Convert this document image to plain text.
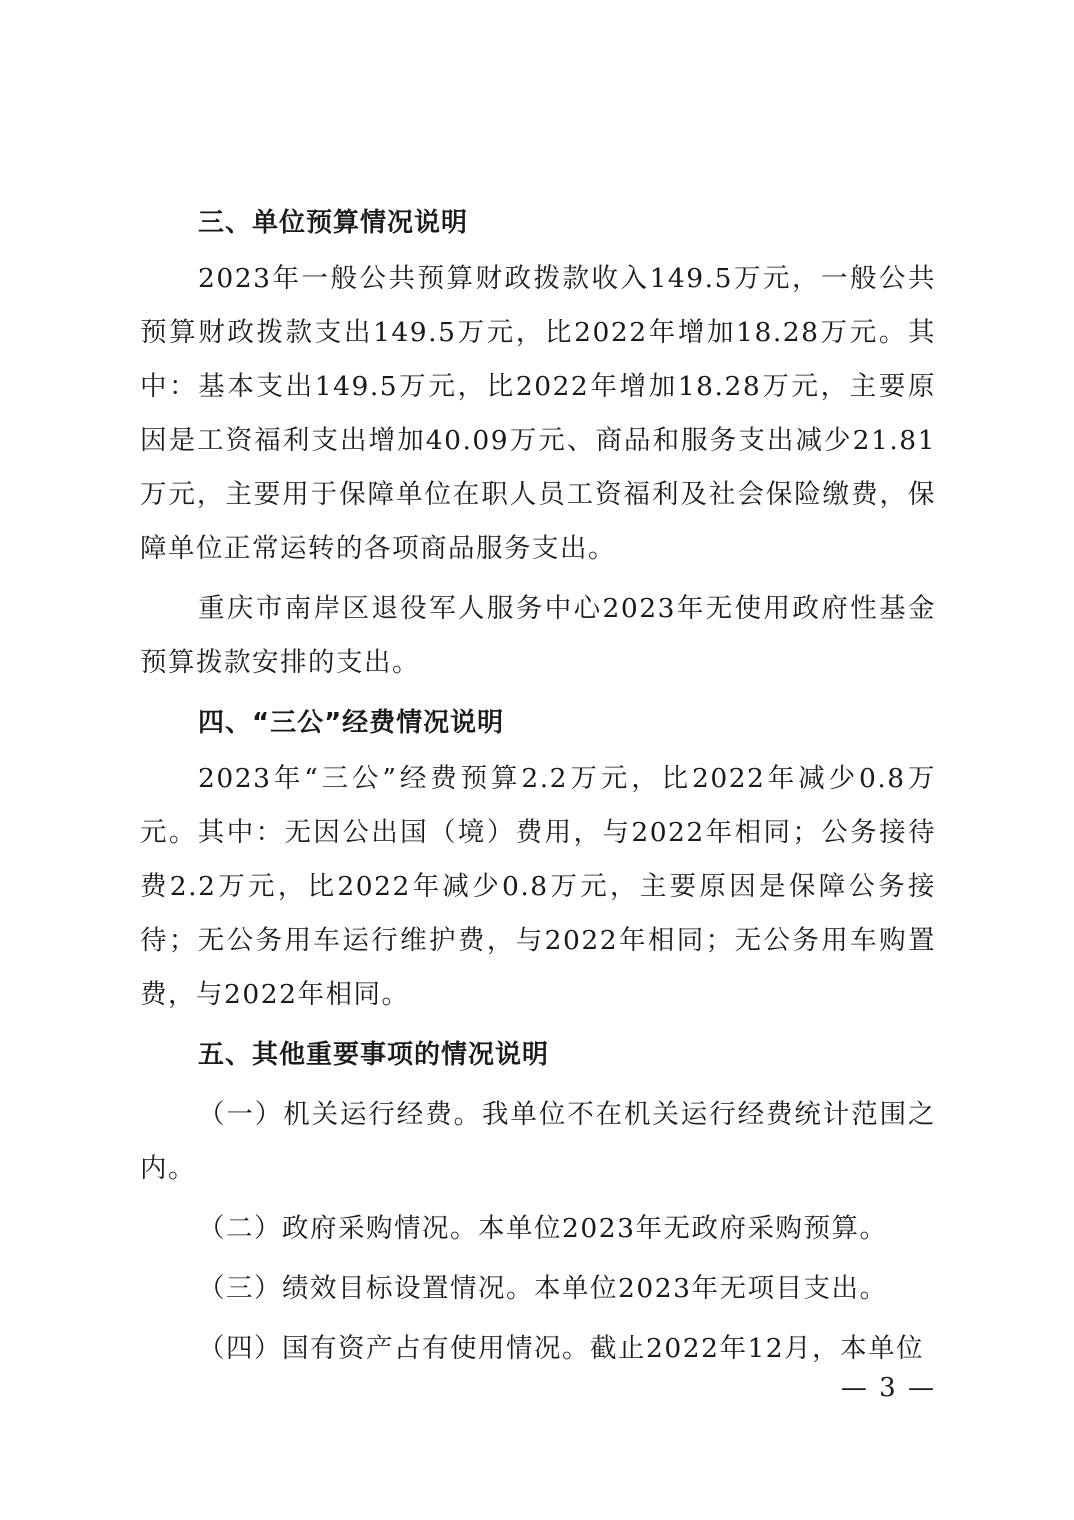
三、单位预算情况说明
2023年一般公共预算财政拨款收入149.5万元，一般公共预算财政拨款支出149.5万元，比2022年增加18.28万元。其中：基本支出149.5万元，比2022年增加18.28万元，主要原因是工资福利支出增加40.09万元、商品和服务支出减少21.81万元，主要用于保障单位在职人员工资福利及社会保险缴费，保障单位正常运转的各项商品服务支出。
重庆市南岸区退役军人服务中心2023年无使用政府性基金预算拨款安排的支出。
四、“三公”经费情况说明
2023年“三公”经费预算2.2万元，比2022年减少0.8万元。其中：无因公出国（境）费用，与2022年相同；公务接待费2.2万元，比2022年减少0.8万元，主要原因是保障公务接待；无公务用车运行维护费，与2022年相同；无公务用车购置费，与2022年相同。
五、其他重要事项的情况说明
（一）机关运行经费。我单位不在机关运行经费统计范围之内。
（二）政府采购情况。本单位2023年无政府采购预算。
（三）绩效目标设置情况。本单位2023年无项目支出。
（四）国有资产占有使用情况。截止2022年12月，本单位
— 3 —
